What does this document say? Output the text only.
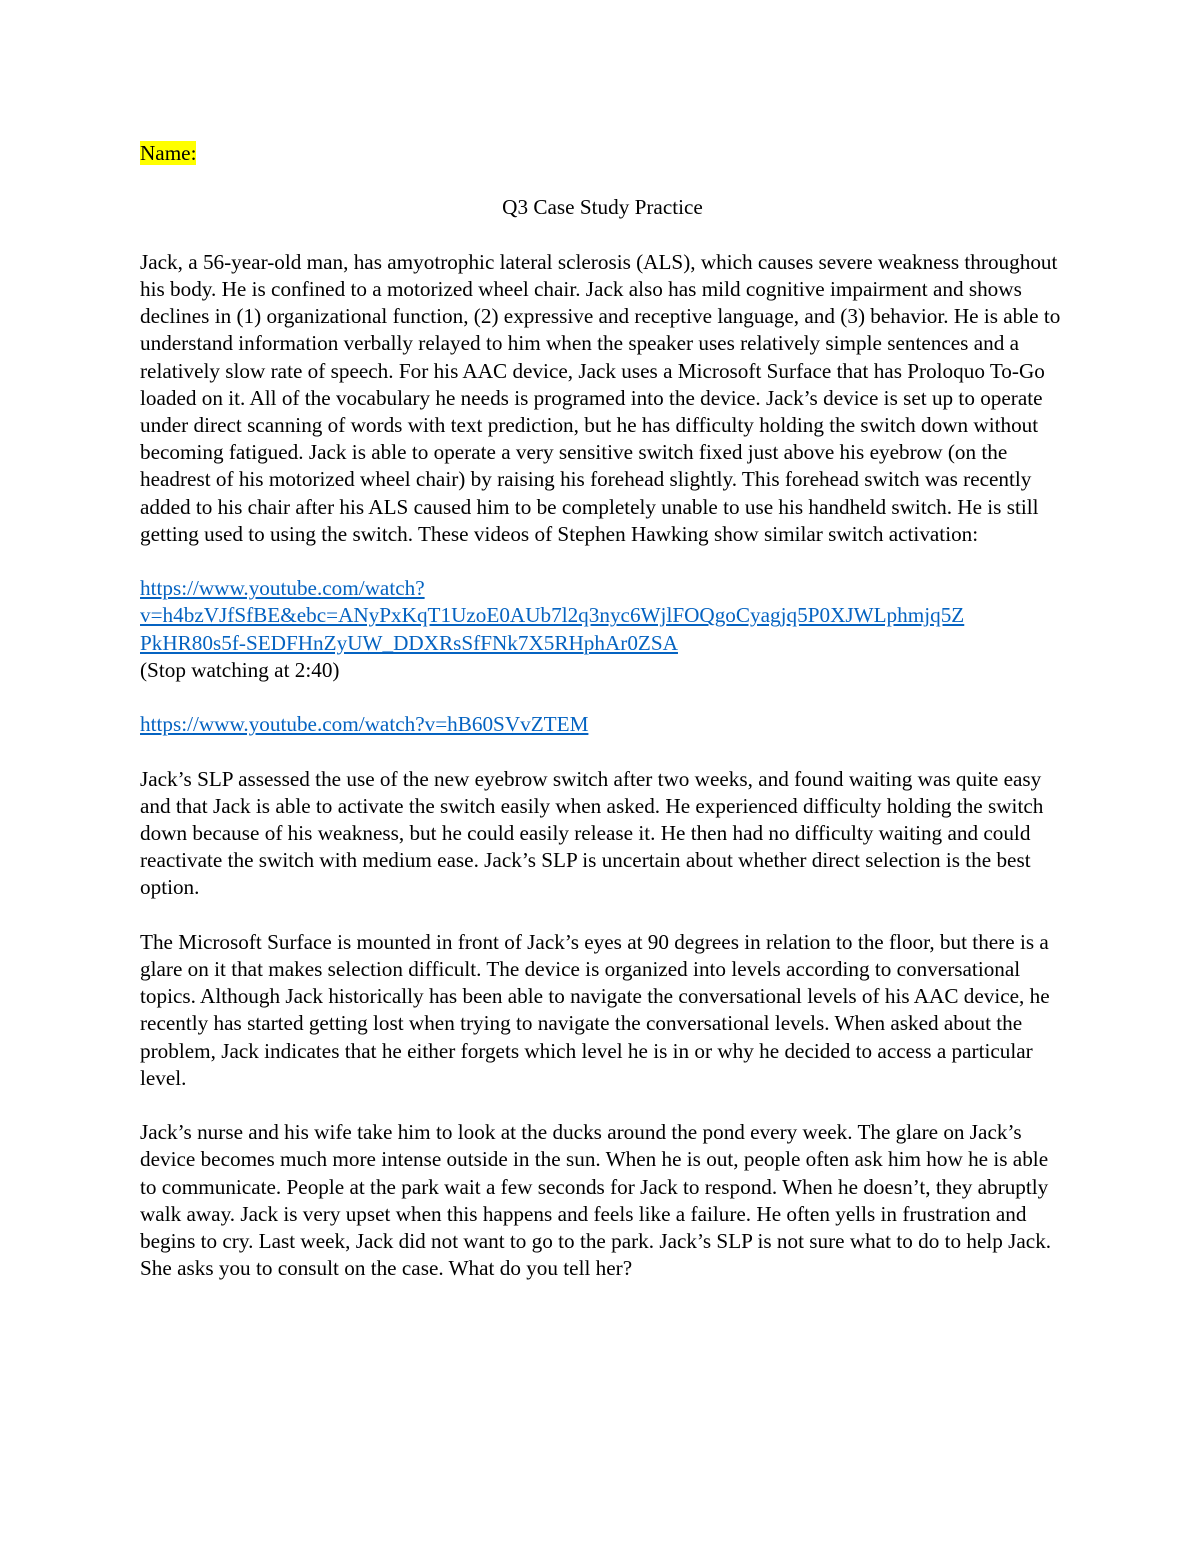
Name:

Q3 Case Study Practice

Jack, a 56-year-old man, has amyotrophic lateral sclerosis (ALS), which causes severe weakness throughout his body. He is confined to a motorized wheel chair. Jack also has mild cognitive impairment and shows declines in (1) organizational function, (2) expressive and receptive language, and (3) behavior. He is able to understand information verbally relayed to him when the speaker uses relatively simple sentences and a relatively slow rate of speech. For his AAC device, Jack uses a Microsoft Surface that has Proloquo To-Go loaded on it. All of the vocabulary he needs is programed into the device. Jack’s device is set up to operate under direct scanning of words with text prediction, but he has difficulty holding the switch down without becoming fatigued. Jack is able to operate a very sensitive switch fixed just above his eyebrow (on the headrest of his motorized wheel chair) by raising his forehead slightly. This forehead switch was recently added to his chair after his ALS caused him to be completely unable to use his handheld switch. He is still getting used to using the switch. These videos of Stephen Hawking show similar switch activation:

https://www.youtube.com/watch?
v=h4bzVJfSfBE&ebc=ANyPxKqT1UzoE0AUb7l2q3nyc6WjlFOQgoCyagjq5P0XJWLphmjq5Z
PkHR80s5f-SEDFHnZyUW_DDXRsSfFNk7X5RHphAr0ZSA

(Stop watching at 2:40)

https://www.youtube.com/watch?v=hB60SVvZTEM

Jack’s SLP assessed the use of the new eyebrow switch after two weeks, and found waiting was quite easy and that Jack is able to activate the switch easily when asked. He experienced difficulty holding the switch down because of his weakness, but he could easily release it. He then had no difficulty waiting and could reactivate the switch with medium ease. Jack’s SLP is uncertain about whether direct selection is the best option.

The Microsoft Surface is mounted in front of Jack’s eyes at 90 degrees in relation to the floor, but there is a glare on it that makes selection difficult. The device is organized into levels according to conversational topics. Although Jack historically has been able to navigate the conversational levels of his AAC device, he recently has started getting lost when trying to navigate the conversational levels. When asked about the problem, Jack indicates that he either forgets which level he is in or why he decided to access a particular level.

Jack’s nurse and his wife take him to look at the ducks around the pond every week. The glare on Jack’s device becomes much more intense outside in the sun. When he is out, people often ask him how he is able to communicate. People at the park wait a few seconds for Jack to respond. When he doesn’t, they abruptly walk away. Jack is very upset when this happens and feels like a failure. He often yells in frustration and begins to cry. Last week, Jack did not want to go to the park. Jack’s SLP is not sure what to do to help Jack. She asks you to consult on the case. What do you tell her?
